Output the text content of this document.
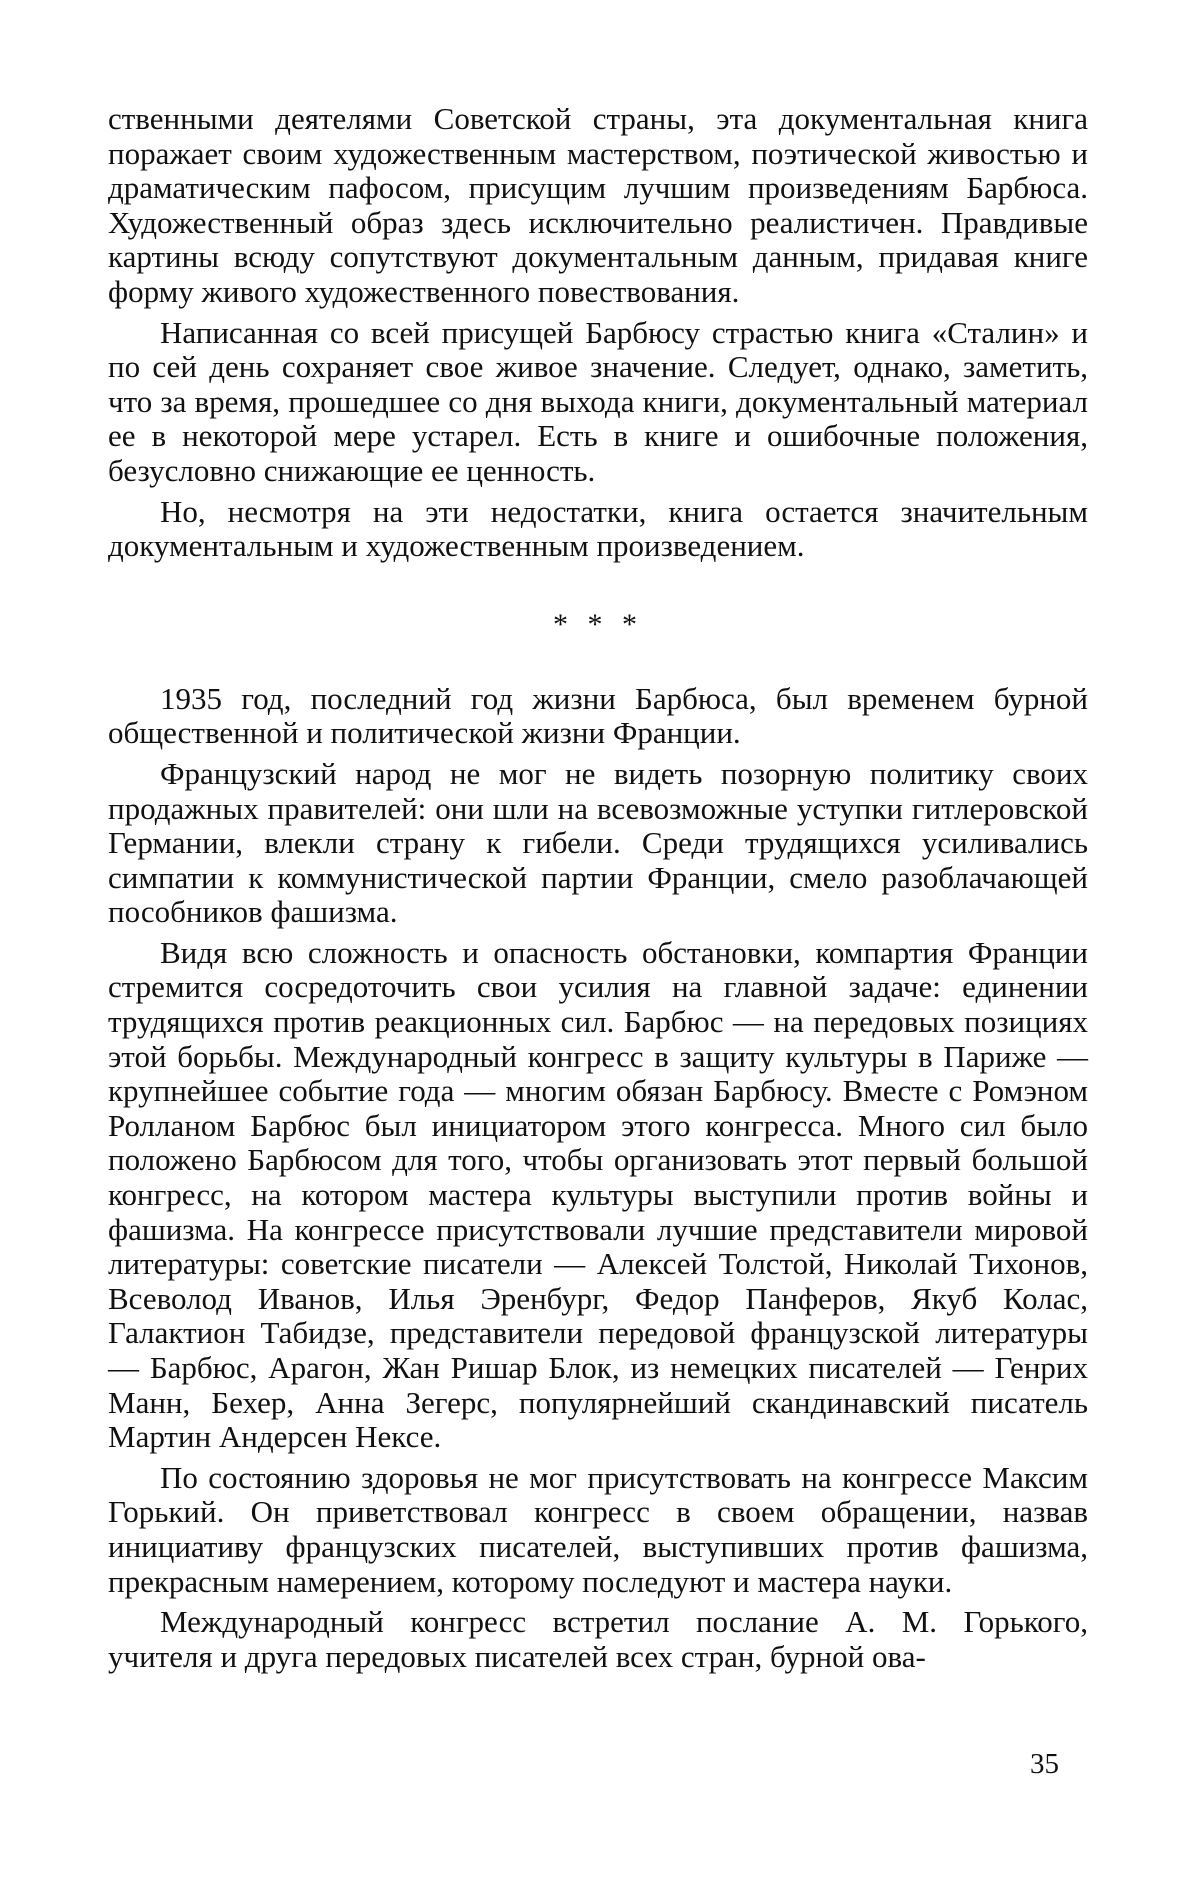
ственными деятелями Советской страны, эта документальная книга поражает своим художественным мастерством, поэтической живостью и драматическим пафосом, присущим лучшим произведениям Барбюса. Художественный образ здесь исключительно реалистичен. Правдивые картины всюду сопутствуют документальным данным, придавая книге форму живого художественного повествования.

Написанная со всей присущей Барбюсу страстью книга «Сталин» и по сей день сохраняет свое живое значение. Следует, однако, заметить, что за время, прошедшее со дня выхода книги, документальный материал ее в некоторой мере устарел. Есть в книге и ошибочные положения, безусловно снижающие ее ценность.

Но, несмотря на эти недостатки, книга остается значительным документальным и художественным произведением.

* * *

1935 год, последний год жизни Барбюса, был временем бурной общественной и политической жизни Франции.

Французский народ не мог не видеть позорную политику своих продажных правителей: они шли на всевозможные уступки гитлеровской Германии, влекли страну к гибели. Среди трудящихся усиливались симпатии к коммунистической партии Франции, смело разоблачающей пособников фашизма.

Видя всю сложность и опасность обстановки, компартия Франции стремится сосредоточить свои усилия на главной задаче: единении трудящихся против реакционных сил. Барбюс — на передовых позициях этой борьбы. Международный конгресс в защиту культуры в Париже — крупнейшее событие года — многим обязан Барбюсу. Вместе с Ромэном Ролланом Барбюс был инициатором этого конгресса. Много сил было положено Барбюсом для того, чтобы организовать этот первый большой конгресс, на котором мастера культуры выступили против войны и фашизма. На конгрессе присутствовали лучшие представители мировой литературы: советские писатели — Алексей Толстой, Николай Тихонов, Всеволод Иванов, Илья Эренбург, Федор Панферов, Якуб Колас, Галактион Табидзе, представители передовой французской литературы — Барбюс, Арагон, Жан Ришар Блок, из немецких писателей — Генрих Манн, Бехер, Анна Зегерс, популярнейший скандинавский писатель Мартин Андерсен Нексе.

По состоянию здоровья не мог присутствовать на конгрессе Максим Горький. Он приветствовал конгресс в своем обращении, назвав инициативу французских писателей, выступивших против фашизма, прекрасным намерением, которому последуют и мастера науки.

Международный конгресс встретил послание А. М. Горького, учителя и друга передовых писателей всех стран, бурной ова-

35
